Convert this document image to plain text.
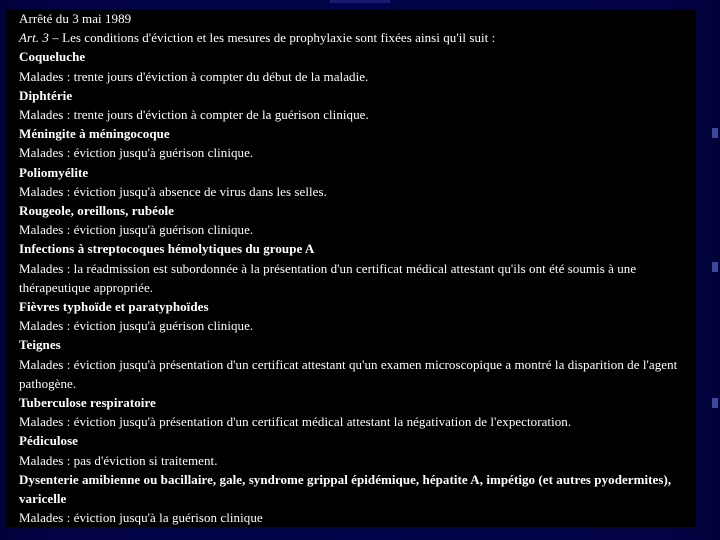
Arrêté du 3 mai 1989
Art. 3 – Les conditions d'éviction et les mesures de prophylaxie sont fixées ainsi qu'il suit :
Coqueluche
Malades : trente jours d'éviction à compter du début de la maladie.
Diphtérie
Malades : trente jours d'éviction à compter de la guérison clinique.
Méningite à méningocoque
Malades : éviction jusqu'à guérison clinique.
Poliomyélite
Malades : éviction jusqu'à absence de virus dans les selles.
Rougeole, oreillons, rubéole
Malades : éviction jusqu'à guérison clinique.
Infections à streptocoques hémolytiques du groupe A
Malades : la réadmission est subordonnée à la présentation d'un certificat médical attestant qu'ils ont été soumis à une thérapeutique appropriée.
Fièvres typhoïde et paratyphoïdes
Malades : éviction jusqu'à guérison clinique.
Teignes
Malades : éviction jusqu'à présentation d'un certificat attestant qu'un examen microscopique a montré la disparition de l'agent pathogène.
Tuberculose respiratoire
Malades : éviction jusqu'à présentation d'un certificat médical attestant la négativation de l'expectoration.
Pédiculose
Malades : pas d'éviction si traitement.
Dysenterie amibienne ou bacillaire, gale, syndrome grippal épidémique, hépatite A, impétigo (et autres pyodermites), varicelle
Malades : éviction jusqu'à la guérison clinique
